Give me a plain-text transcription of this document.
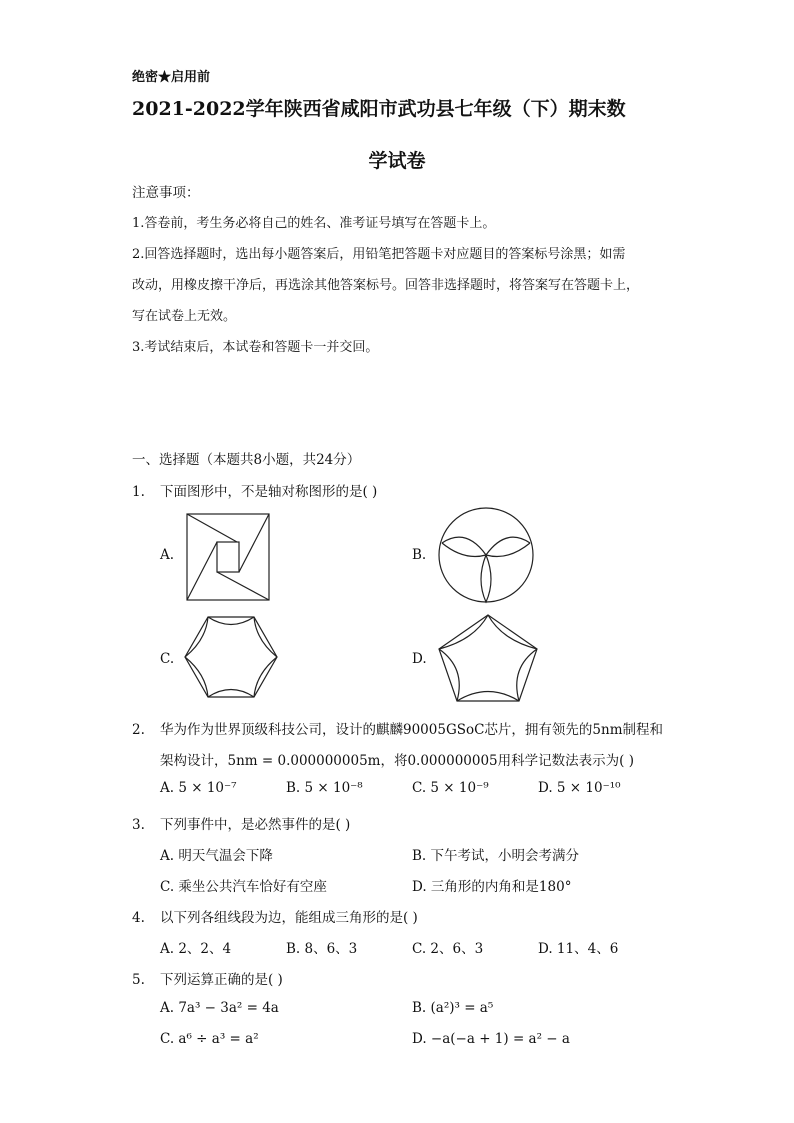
绝密★启用前
2021-2022学年陕西省咸阳市武功县七年级（下）期末数
学试卷
注意事项：
1.答卷前，考生务必将自己的姓名、准考证号填写在答题卡上。
2.回答选择题时，选出每小题答案后，用铅笔把答题卡对应题目的答案标号涂黑；如需
改动，用橡皮擦干净后，再选涂其他答案标号。回答非选择题时，将答案写在答题卡上，
写在试卷上无效。
3.考试结束后，本试卷和答题卡一并交回。
一、选择题（本题共8小题，共24分）
1. 下面图形中，不是轴对称图形的是( )
A.	B.
C.	D.
2. 华为作为世界顶级科技公司，设计的麒麟90005GSoC芯片，拥有领先的5nm制程和
架构设计，5nm = 0.000000005m，将0.000000005用科学记数法表示为( )
A. 5 × 10⁻⁷	B. 5 × 10⁻⁸	C. 5 × 10⁻⁹	D. 5 × 10⁻¹⁰
3. 下列事件中，是必然事件的是( )
A. 明天气温会下降	B. 下午考试，小明会考满分
C. 乘坐公共汽车恰好有空座	D. 三角形的内角和是180°
4. 以下列各组线段为边，能组成三角形的是( )
A. 2、2、4	B. 8、6、3	C. 2、6、3	D. 11、4、6
5. 下列运算正确的是( )
A. 7a³ − 3a² = 4a	B. (a²)³ = a⁵
C. a⁶ ÷ a³ = a²	D. −a(−a + 1) = a² − a
